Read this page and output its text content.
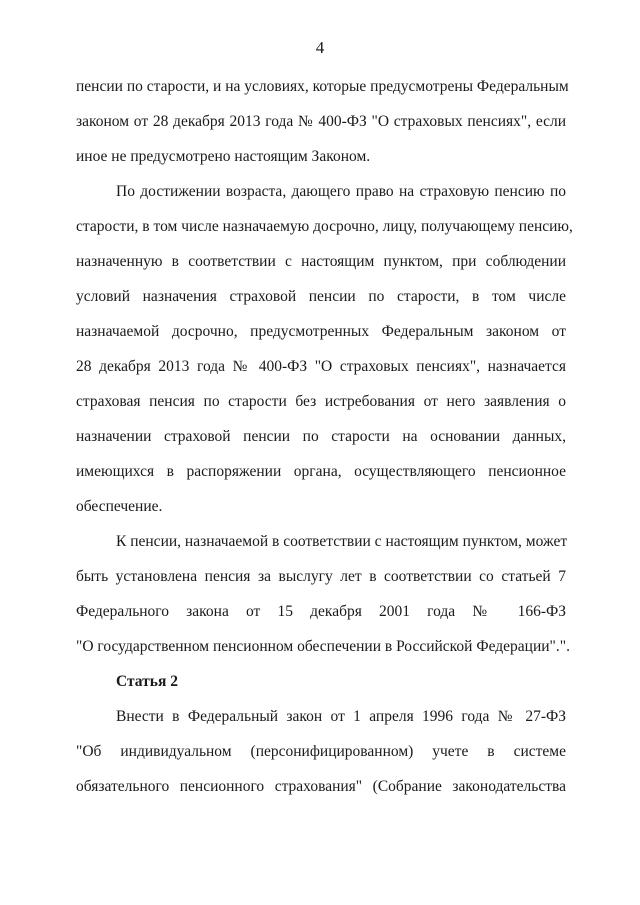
4
пенсии по старости, и на условиях, которые предусмотрены Федеральным
законом от 28 декабря 2013 года № 400-ФЗ "О страховых пенсиях", если
иное не предусмотрено настоящим Законом.
По достижении возраста, дающего право на страховую пенсию по
старости, в том числе назначаемую досрочно, лицу, получающему пенсию,
назначенную в соответствии с настоящим пунктом, при соблюдении
условий назначения страховой пенсии по старости, в том числе
назначаемой досрочно, предусмотренных Федеральным законом от
28 декабря 2013 года № 400-ФЗ "О страховых пенсиях", назначается
страховая пенсия по старости без истребования от него заявления о
назначении страховой пенсии по старости на основании данных,
имеющихся в распоряжении органа, осуществляющего пенсионное
обеспечение.
К пенсии, назначаемой в соответствии с настоящим пунктом, может
быть установлена пенсия за выслугу лет в соответствии со статьей 7
Федерального закона от 15 декабря 2001 года № 166-ФЗ
"О государственном пенсионном обеспечении в Российской Федерации".".
Статья 2
Внести в Федеральный закон от 1 апреля 1996 года № 27-ФЗ
"Об индивидуальном (персонифицированном) учете в системе
обязательного пенсионного страхования" (Собрание законодательства
